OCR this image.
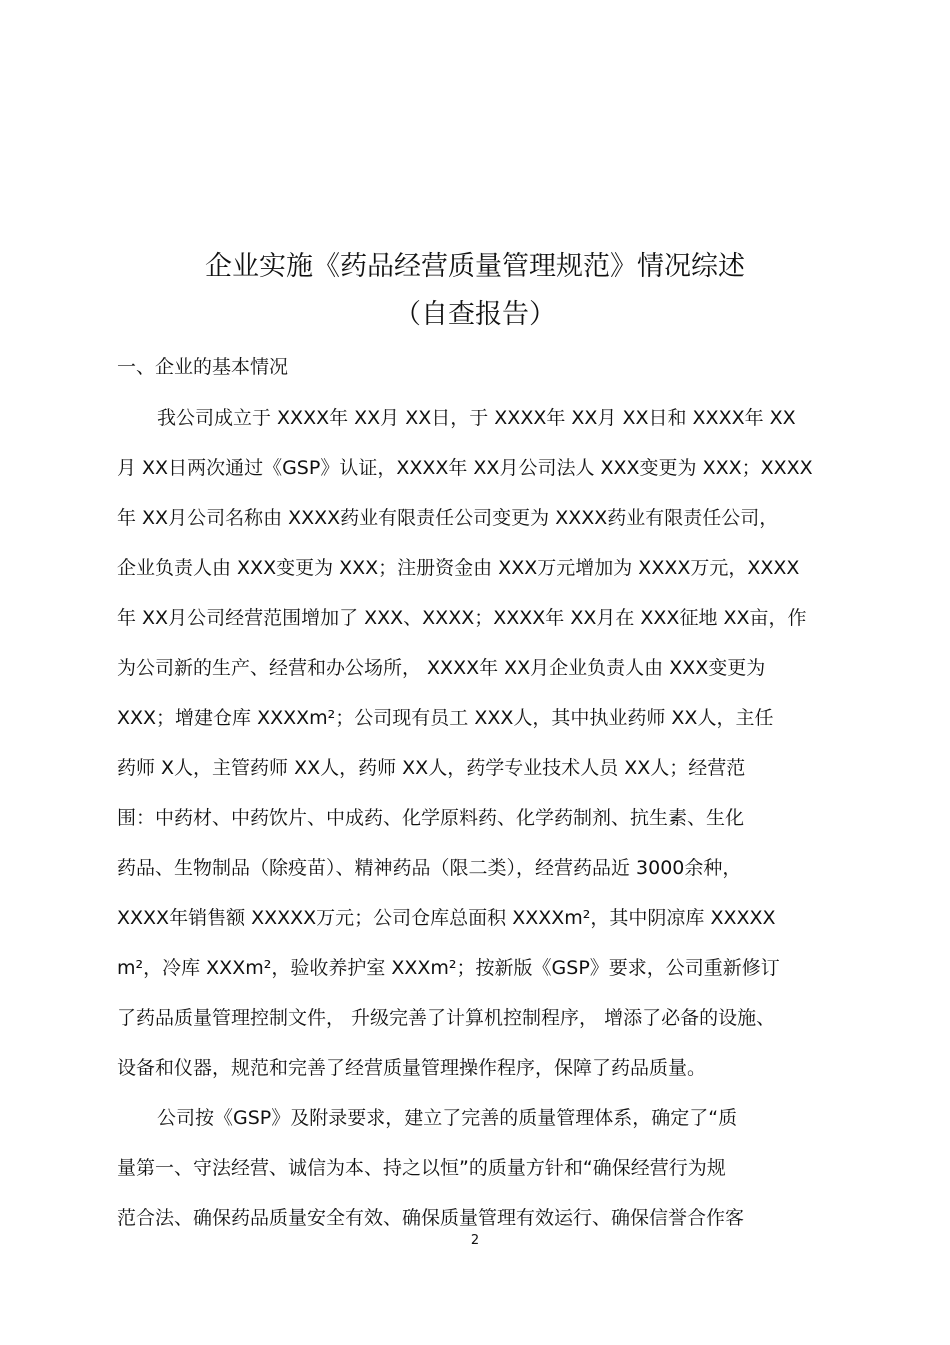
企业实施《药品经营质量管理规范》情况综述
（自查报告）
一、企业的基本情况
我公司成立于 XXXX年 XX月 XX日，于 XXXX年 XX月 XX日和 XXXX年 XX
月 XX日两次通过《GSP》认证，XXXX年 XX月公司法人 XXX变更为 XXX；XXXX
年 XX月公司名称由 XXXX药业有限责任公司变更为 XXXX药业有限责任公司，
企业负责人由 XXX变更为 XXX；注册资金由 XXX万元增加为 XXXX万元，XXXX
年 XX月公司经营范围增加了 XXX、XXXX；XXXX年 XX月在 XXX征地 XX亩，作
为公司新的生产、经营和办公场所， XXXX年 XX月企业负责人由 XXX变更为
XXX；增建仓库 XXXXm²；公司现有员工 XXX人，其中执业药师 XX人，主任
药师 X人，主管药师 XX人，药师 XX人，药学专业技术人员 XX人；经营范
围：中药材、中药饮片、中成药、化学原料药、化学药制剂、抗生素、生化
药品、生物制品（除疫苗）、精神药品（限二类），经营药品近 3000余种，
XXXX年销售额 XXXXX万元；公司仓库总面积 XXXXm²，其中阴凉库 XXXXX
m²，冷库 XXXm²，验收养护室 XXXm²；按新版《GSP》要求，公司重新修订
了药品质量管理控制文件， 升级完善了计算机控制程序， 增添了必备的设施、
设备和仪器，规范和完善了经营质量管理操作程序，保障了药品质量。
公司按《GSP》及附录要求，建立了完善的质量管理体系，确定了“质
量第一、守法经营、诚信为本、持之以恒”的质量方针和“确保经营行为规
范合法、确保药品质量安全有效、确保质量管理有效运行、确保信誉合作客
2
